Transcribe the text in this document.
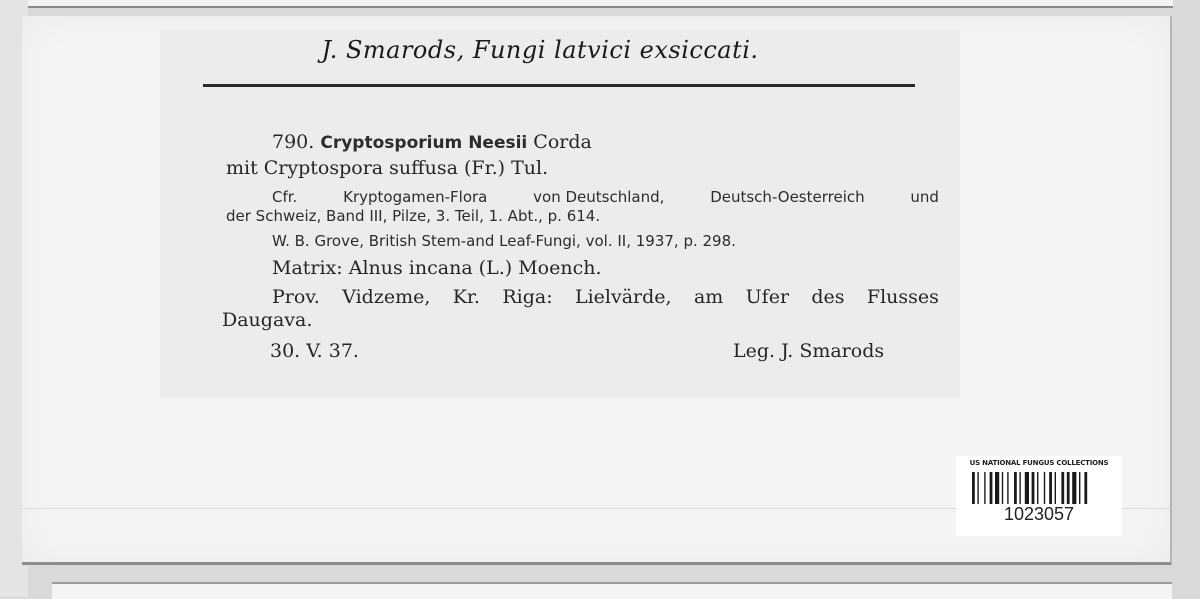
J. Smarods, Fungi latvici exsiccati.
790. Cryptosporium Neesii Corda
mit Cryptospora suffusa (Fr.) Tul.
Cfr.	Kryptogamen-Flora	von Deutschland,	Deutsch-Oesterreich	und
der Schweiz, Band III, Pilze, 3. Teil, 1. Abt., p. 614.
W. B. Grove, British Stem-and Leaf-Fungi, vol. II, 1937, p. 298.
Matrix: Alnus incana (L.) Moench.
Prov. Vidzeme, Kr. Riga: Lielvärde, am Ufer des Flusses
Daugava.
30. V. 37.	Leg. J. Smarods
US NATIONAL FUNGUS COLLECTIONS
1023057
